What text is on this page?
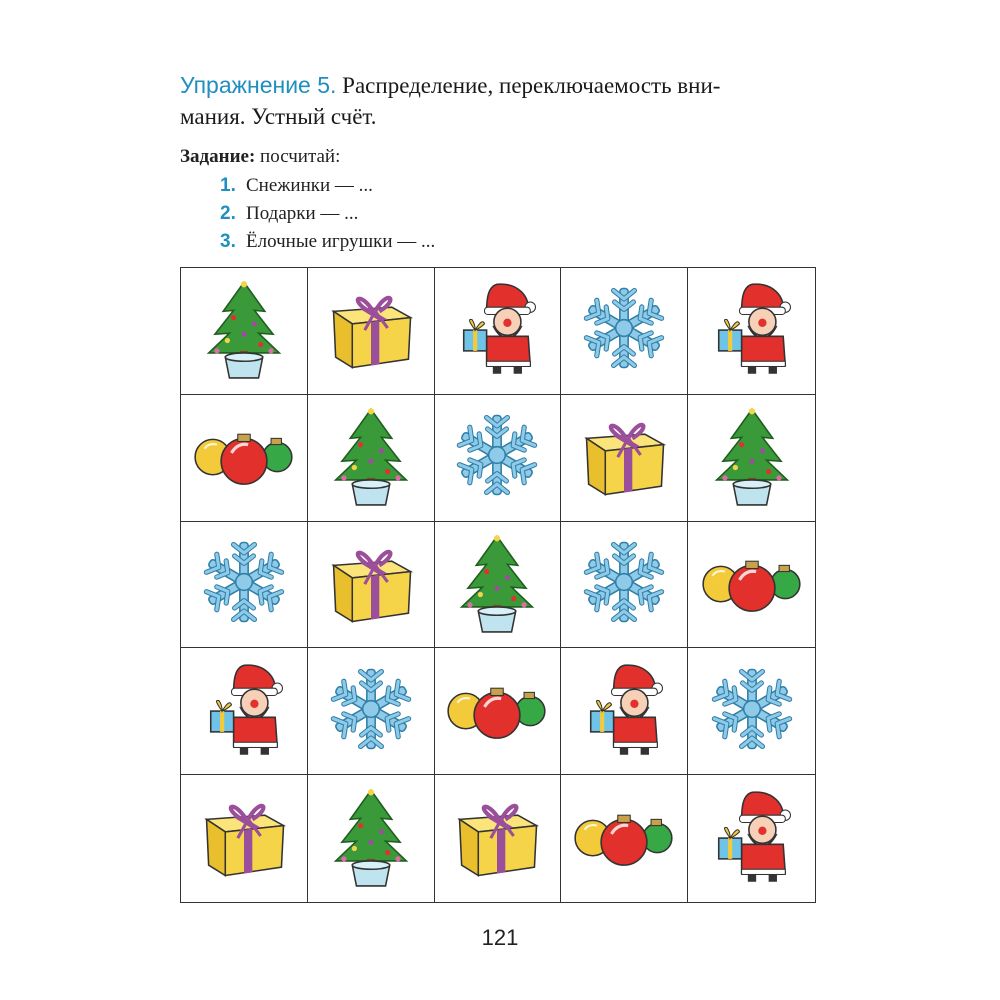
Упражнение 5. Распределение, переключаемость вни-
мания. Устный счёт.
Задание: посчитай:
1. Снежинки — ...
2. Подарки — ...
3. Ёлочные игрушки — ...
121
